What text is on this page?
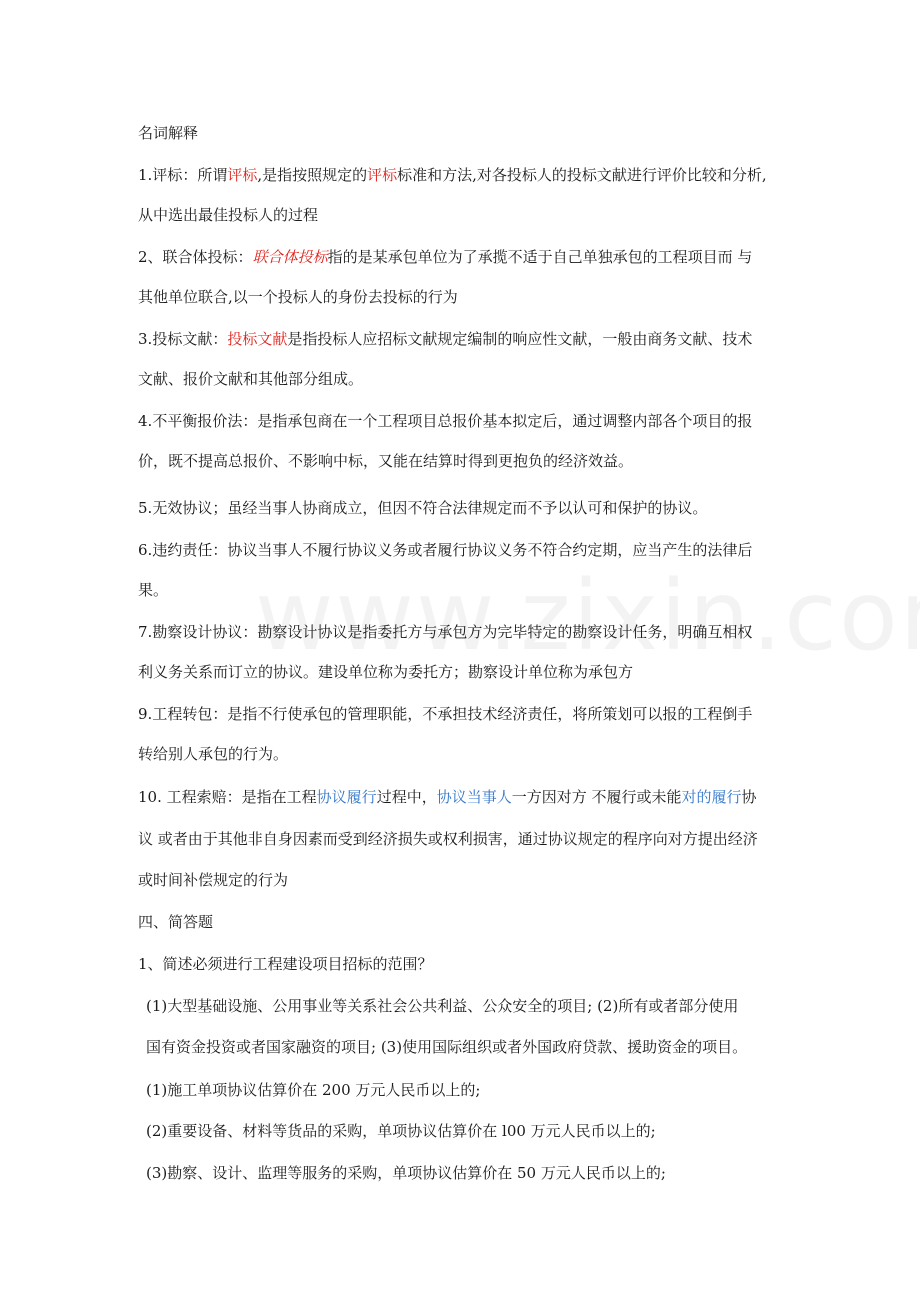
名词解释
1.评标：所谓评标,是指按照规定的评标标准和方法,对各投标人的投标文献进行评价比较和分析,
从中选出最佳投标人的过程
2、联合体投标：联合体投标指的是某承包单位为了承揽不适于自己单独承包的工程项目而 与
其他单位联合,以一个投标人的身份去投标的行为
3.投标文献：投标文献是指投标人应招标文献规定编制的响应性文献，一般由商务文献、技术
文献、报价文献和其他部分组成。
4.不平衡报价法：是指承包商在一个工程项目总报价基本拟定后，通过调整内部各个项目的报
价，既不提高总报价、不影响中标，又能在结算时得到更抱负的经济效益。
5.无效协议；虽经当事人协商成立，但因不符合法律规定而不予以认可和保护的协议。
6.违约责任：协议当事人不履行协议义务或者履行协议义务不符合约定期，应当产生的法律后
果。
7.勘察设计协议：勘察设计协议是指委托方与承包方为完毕特定的勘察设计任务，明确互相权
利义务关系而订立的协议。建设单位称为委托方；勘察设计单位称为承包方
9.工程转包：是指不行使承包的管理职能，不承担技术经济责任，将所策划可以报的工程倒手
转给别人承包的行为。
10. 工程索赔：是指在工程协议履行过程中，协议当事人一方因对方 不履行或未能对的履行协
议 或者由于其他非自身因素而受到经济损失或权利损害，通过协议规定的程序向对方提出经济
或时间补偿规定的行为
四、简答题
1、简述必须进行工程建设项目招标的范围？
(1)大型基础设施、公用事业等关系社会公共利益、公众安全的项目; (2)所有或者部分使用
国有资金投资或者国家融资的项目; (3)使用国际组织或者外国政府贷款、援助资金的项目。
(1)施工单项协议估算价在 200 万元人民币以上的;
(2)重要设备、材料等货品的采购，单项协议估算价在 l00 万元人民币以上的;
(3)勘察、设计、监理等服务的采购，单项协议估算价在 50 万元人民币以上的;
